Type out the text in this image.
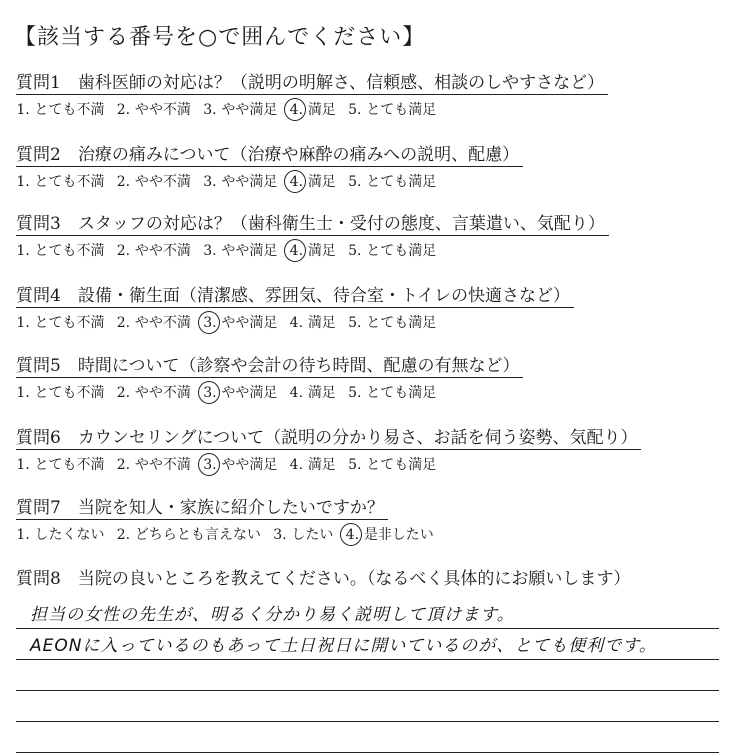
【該当する番号を○で囲んでください】
質問1　歯科医師の対応は？（説明の明解さ、信頼感、相談のしやすさなど）
1. とても不満 2. やや不満 3. やや満足 4. 満足 5. とても満足
質問2　治療の痛みについて（治療や麻酔の痛みへの説明、配慮）
1. とても不満 2. やや不満 3. やや満足 4. 満足 5. とても満足
質問3　スタッフの対応は？（歯科衛生士・受付の態度、言葉遣い、気配り）
1. とても不満 2. やや不満 3. やや満足 4. 満足 5. とても満足
質問4　設備・衛生面（清潔感、雰囲気、待合室・トイレの快適さなど）
1. とても不満 2. やや不満 3. やや満足 4. 満足 5. とても満足
質問5　時間について（診察や会計の待ち時間、配慮の有無など）
1. とても不満 2. やや不満 3. やや満足 4. 満足 5. とても満足
質問6　カウンセリングについて（説明の分かり易さ、お話を伺う姿勢、気配り）
1. とても不満 2. やや不満 3. やや満足 4. 満足 5. とても満足
質問7　当院を知人・家族に紹介したいですか？
1. したくない 2. どちらとも言えない 3. したい 4. 是非したい
質問8　当院の良いところを教えてください。（なるべく具体的にお願いします）
担当の女性の先生が、明るく分かり易く説明して頂けます。
AEONに入っているのもあって土日祝日に開いているのが、とても便利です。
